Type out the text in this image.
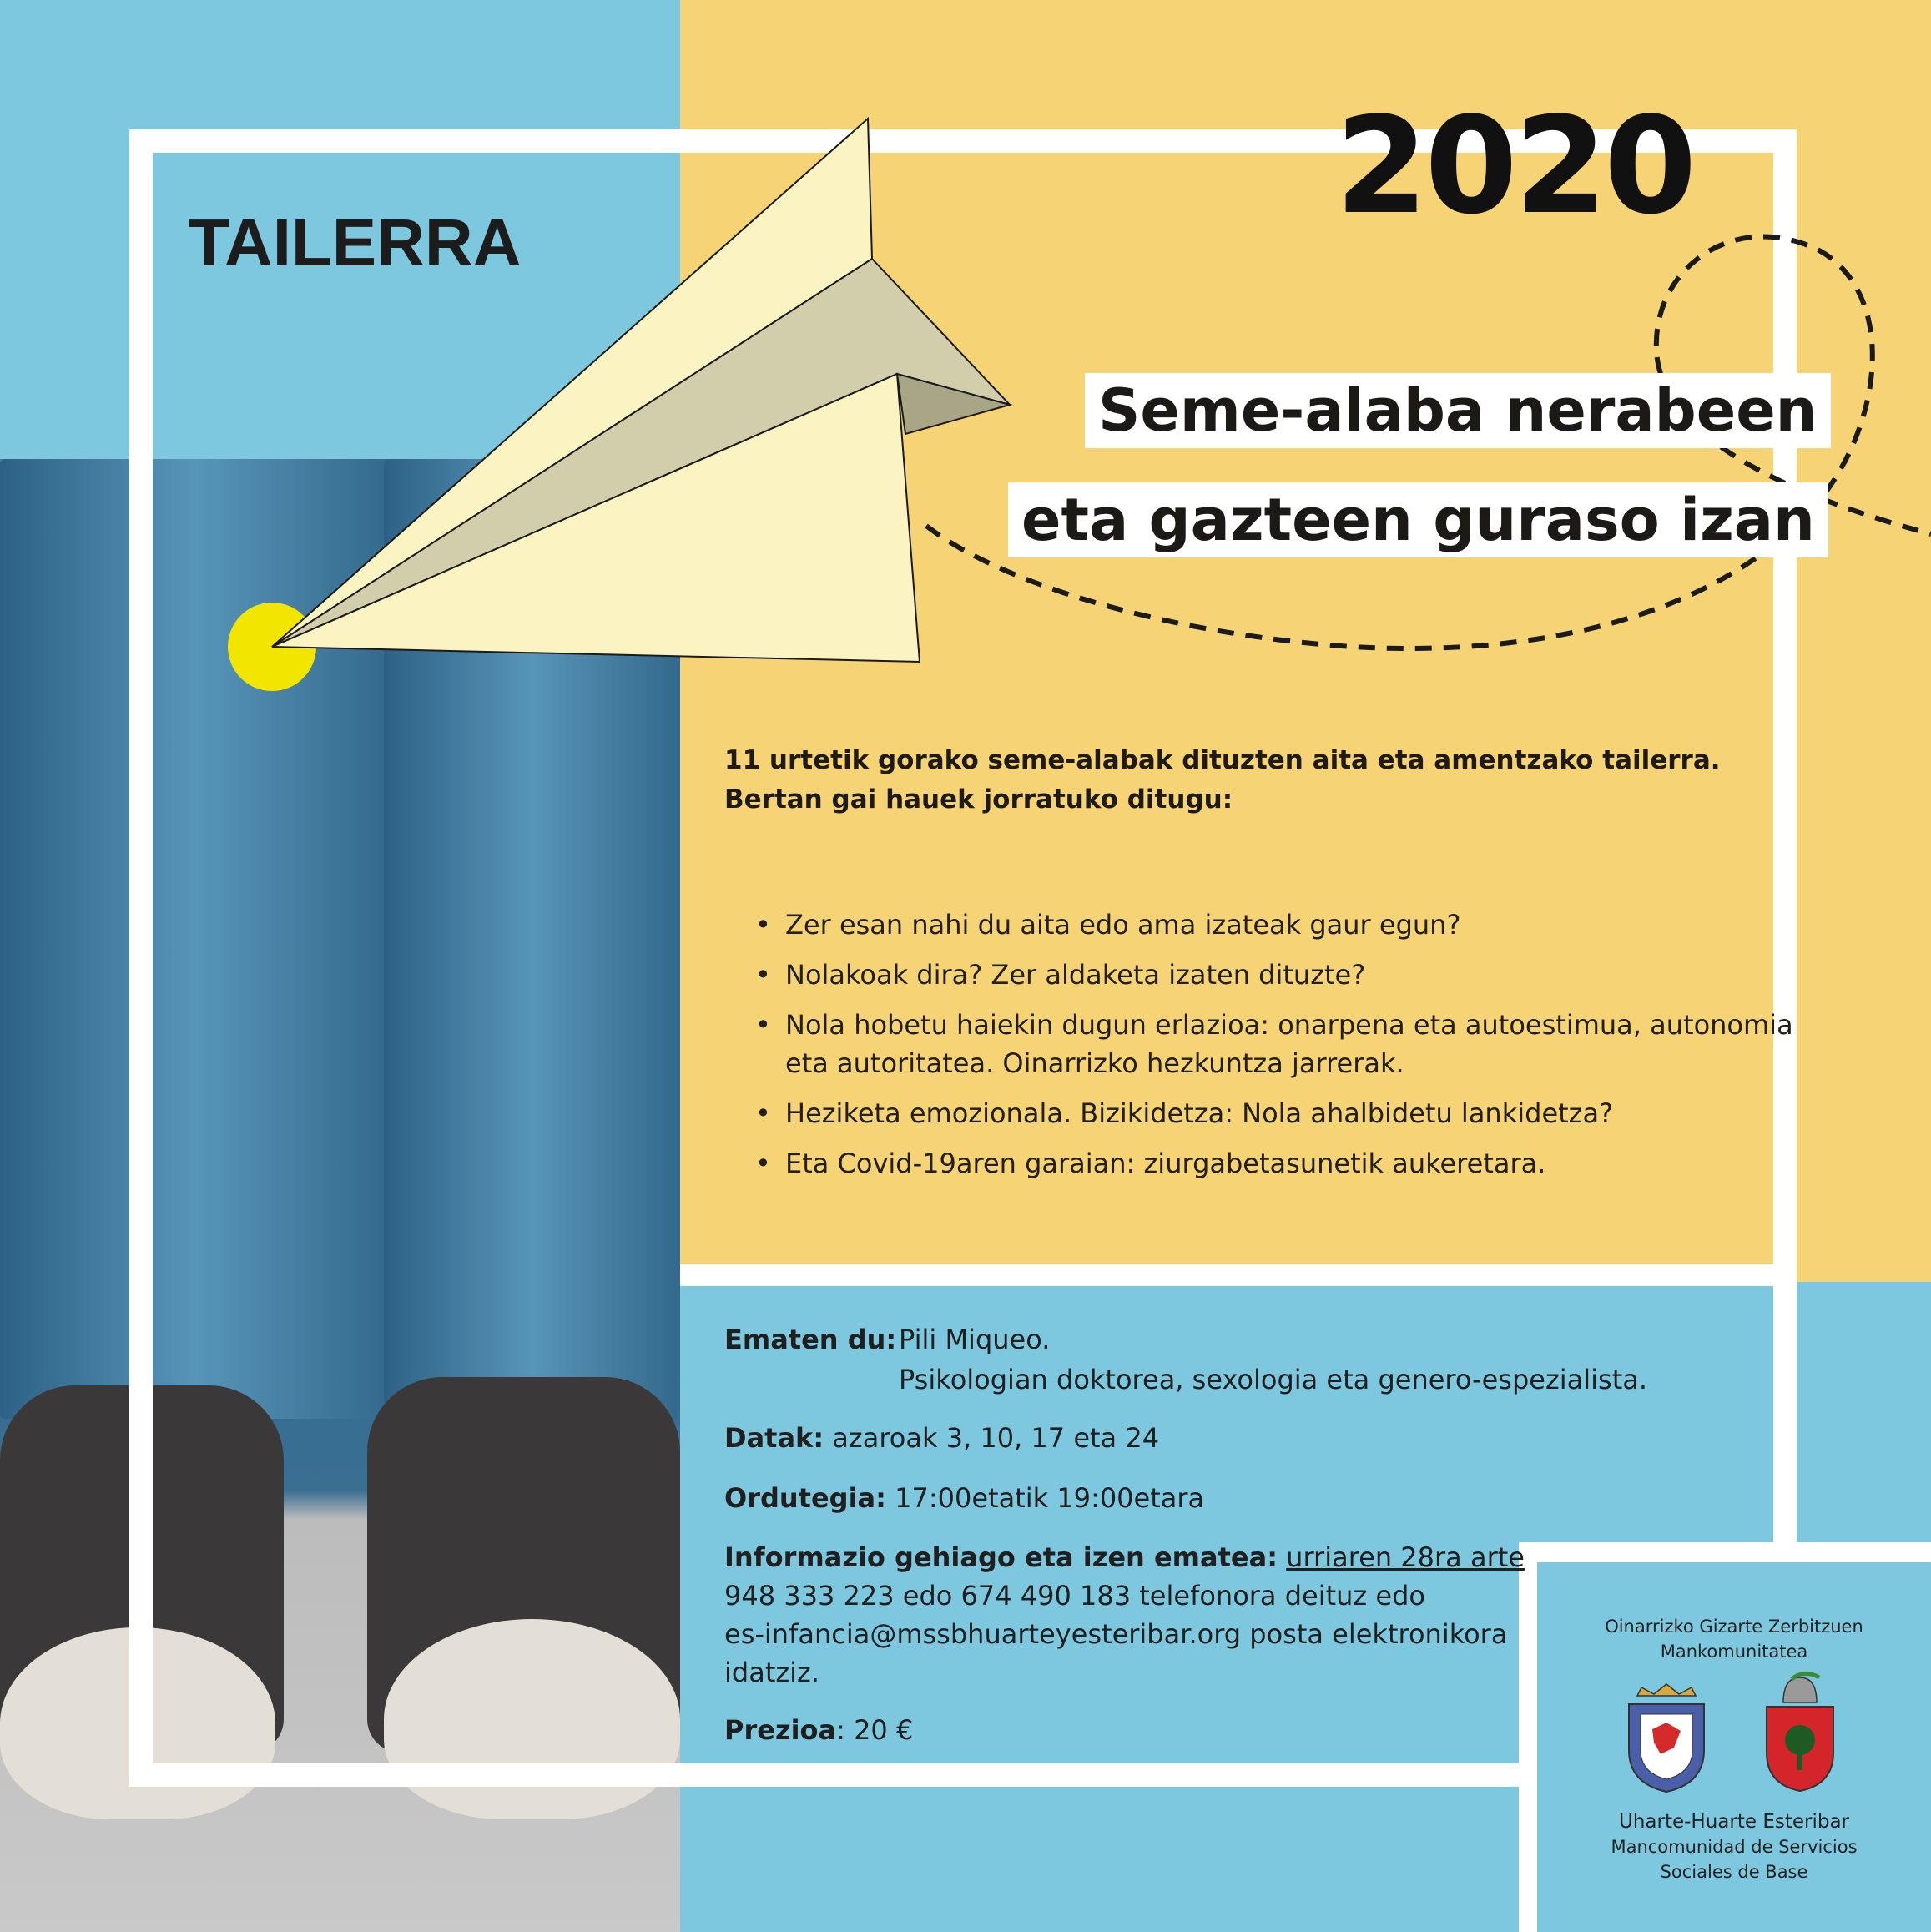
TAILERRA	2020
Seme-alaba nerabeen
eta gazteen guraso izan
11 urtetik gorako seme-alabak dituzten aita eta amentzako tailerra.
Bertan gai hauek jorratuko ditugu:
• Zer esan nahi du aita edo ama izateak gaur egun?
• Nolakoak dira? Zer aldaketa izaten dituzte?
• Nola hobetu haiekin dugun erlazioa: onarpena eta autoestimua, autonomia eta autoritatea. Oinarrizko hezkuntza jarrerak.
• Heziketa emozionala. Bizikidetza: Nola ahalbidetu lankidetza?
• Eta Covid-19aren garaian: ziurgabetasunetik aukeretara.
Ematen du: Pili Miqueo.
Psikologian doktorea, sexologia eta genero-espezialista.
Datak: azaroak 3, 10, 17 eta 24
Ordutegia: 17:00etatik 19:00etara
Informazio gehiago eta izen ematea: urriaren 28ra arte
948 333 223 edo 674 490 183 telefonora deituz edo
es-infancia@mssbhuarteyesteribar.org posta elektronikora
idatziz.
Prezioa: 20 €
Oinarrizko Gizarte Zerbitzuen
Mankomunitatea
Uharte-Huarte Esteribar
Mancomunidad de Servicios
Sociales de Base
